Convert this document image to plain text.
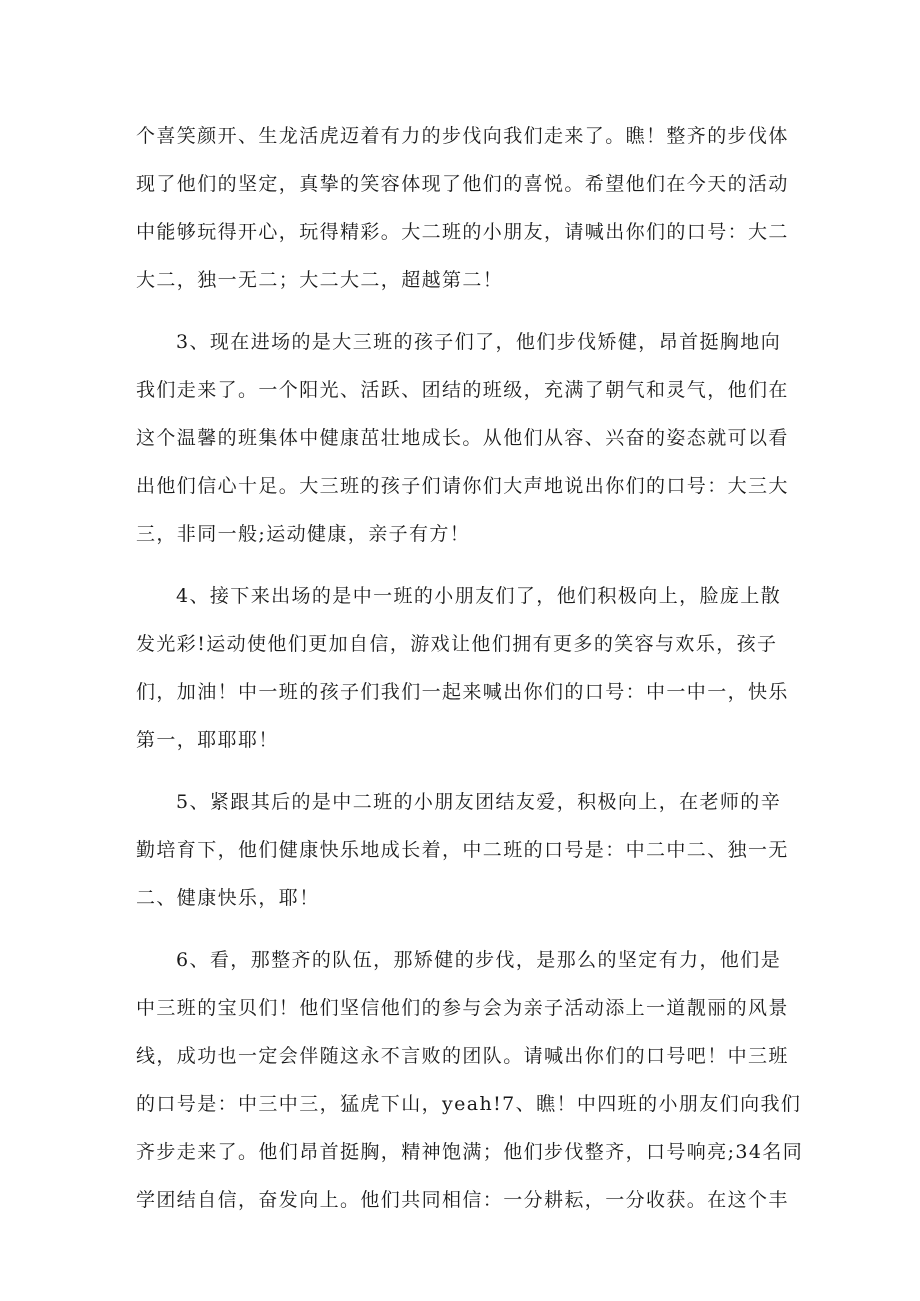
个喜笑颜开、生龙活虎迈着有力的步伐向我们走来了。瞧！整齐的步伐体
现了他们的坚定，真挚的笑容体现了他们的喜悦。希望他们在今天的活动
中能够玩得开心，玩得精彩。大二班的小朋友，请喊出你们的口号：大二
大二，独一无二；大二大二，超越第二！
3、现在进场的是大三班的孩子们了，他们步伐矫健，昂首挺胸地向
我们走来了。一个阳光、活跃、团结的班级，充满了朝气和灵气，他们在
这个温馨的班集体中健康茁壮地成长。从他们从容、兴奋的姿态就可以看
出他们信心十足。大三班的孩子们请你们大声地说出你们的口号：大三大
三，非同一般;运动健康，亲子有方！
4、接下来出场的是中一班的小朋友们了，他们积极向上，脸庞上散
发光彩!运动使他们更加自信，游戏让他们拥有更多的笑容与欢乐，孩子
们，加油！中一班的孩子们我们一起来喊出你们的口号：中一中一，快乐
第一，耶耶耶！
5、紧跟其后的是中二班的小朋友团结友爱，积极向上，在老师的辛
勤培育下，他们健康快乐地成长着，中二班的口号是：中二中二、独一无
二、健康快乐，耶！
6、看，那整齐的队伍，那矫健的步伐，是那么的坚定有力，他们是
中三班的宝贝们！他们坚信他们的参与会为亲子活动添上一道靓丽的风景
线，成功也一定会伴随这永不言败的团队。请喊出你们的口号吧！中三班
的口号是：中三中三，猛虎下山，yeah!7、瞧！中四班的小朋友们向我们
齐步走来了。他们昂首挺胸，精神饱满；他们步伐整齐，口号响亮;34名同
学团结自信，奋发向上。他们共同相信：一分耕耘，一分收获。在这个丰
